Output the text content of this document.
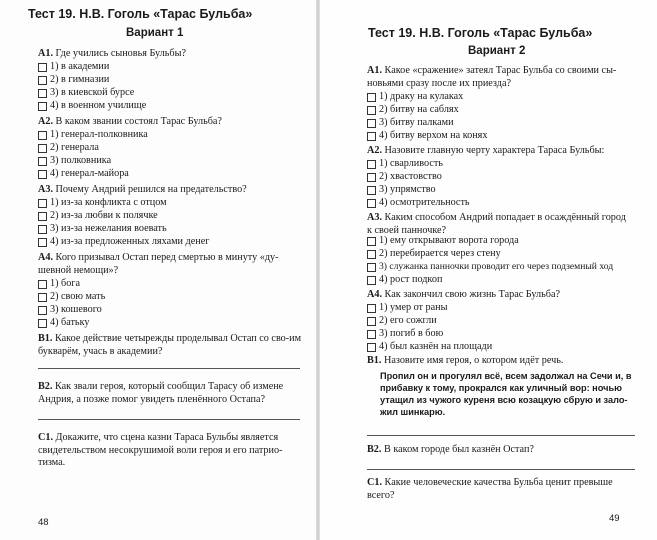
Тест 19. Н.В. Гоголь «Тарас Бульба»
Вариант 1
А1. Где учились сыновья Бульбы?
1) в академии
2) в гимназии
3) в киевской бурсе
4) в военном училище
А2. В каком звании состоял Тарас Бульба?
1) генерал-полковника
2) генерала
3) полковника
4) генерал-майора
А3. Почему Андрий решился на предательство?
1) из-за конфликта с отцом
2) из-за любви к полячке
3) из-за нежелания воевать
4) из-за предложенных ляхами денег
А4. Кого призывал Остап перед смертью в минуту «ду-шевной немощи»?
1) бога
2) свою мать
3) кошевого
4) батьку
В1. Какое действие четырежды проделывал Остап со сво-им букварём, учась в академии?
В2. Как звали героя, который сообщил Тарасу об измене Андрия, а позже помог увидеть пленённого Остапа?
С1. Докажите, что сцена казни Тараса Бульбы является свидетельством несокрушимой воли героя и его патрио-тизма.
48
Тест 19. Н.В. Гоголь «Тарас Бульба»
Вариант 2
А1. Какое «сражение» затеял Тарас Бульба со своими сы-новьями сразу после их приезда?
1) драку на кулаках
2) битву на саблях
3) битву палками
4) битву верхом на конях
А2. Назовите главную черту характера Тараса Бульбы:
1) сварливость
2) хвастовство
3) упрямство
4) осмотрительность
А3. Каким способом Андрий попадает в осаждённый город к своей панночке?
1) ему открывают ворота города
2) перебирается через стену
3) служанка панночки проводит его через подземный ход
4) рост подкоп
А4. Как закончил свою жизнь Тарас Бульба?
1) умер от раны
2) его сожгли
3) погиб в бою
4) был казнён на площади
В1. Назовите имя героя, о котором идёт речь.
Пропил он и прогулял всё, всем задолжал на Сечи и, в прибавку к тому, прокрался как уличный вор: ночью утащил из чужого куреня всю козацкую сбрую и зало-жил шинкарю.
В2. В каком городе был казнён Остап?
С1. Какие человеческие качества Бульба ценит превыше всего?
49
